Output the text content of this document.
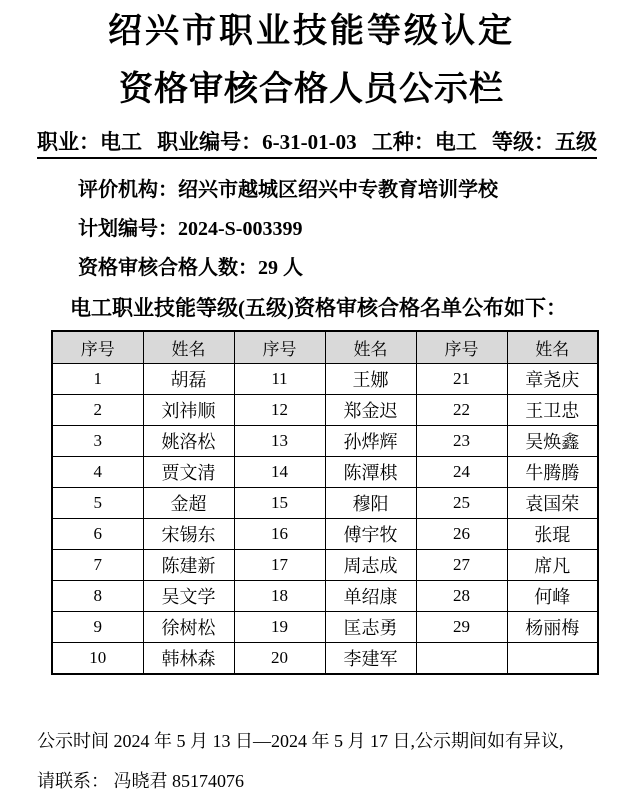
绍兴市职业技能等级认定
资格审核合格人员公示栏
职业：电工 职业编号：6-31-01-03 工种：电工 等级：五级
评价机构：绍兴市越城区绍兴中专教育培训学校
计划编号：2024-S-003399
资格审核合格人数：29 人
电工职业技能等级(五级)资格审核合格名单公布如下：
序号	姓名	序号	姓名	序号	姓名
1	胡磊	11	王娜	21	章尧庆
2	刘祎顺	12	郑金迟	22	王卫忠
3	姚洛松	13	孙烨辉	23	吴焕鑫
4	贾文清	14	陈潭棋	24	牛腾腾
5	金超	15	穆阳	25	袁国荣
6	宋锡东	16	傅宇牧	26	张琨
7	陈建新	17	周志成	27	席凡
8	吴文学	18	单绍康	28	何峰
9	徐树松	19	匡志勇	29	杨丽梅
10	韩林森	20	李建军		
公示时间 2024 年 5 月 13 日—2024 年 5 月 17 日,公示期间如有异议,
请联系： 冯晓君 85174076
